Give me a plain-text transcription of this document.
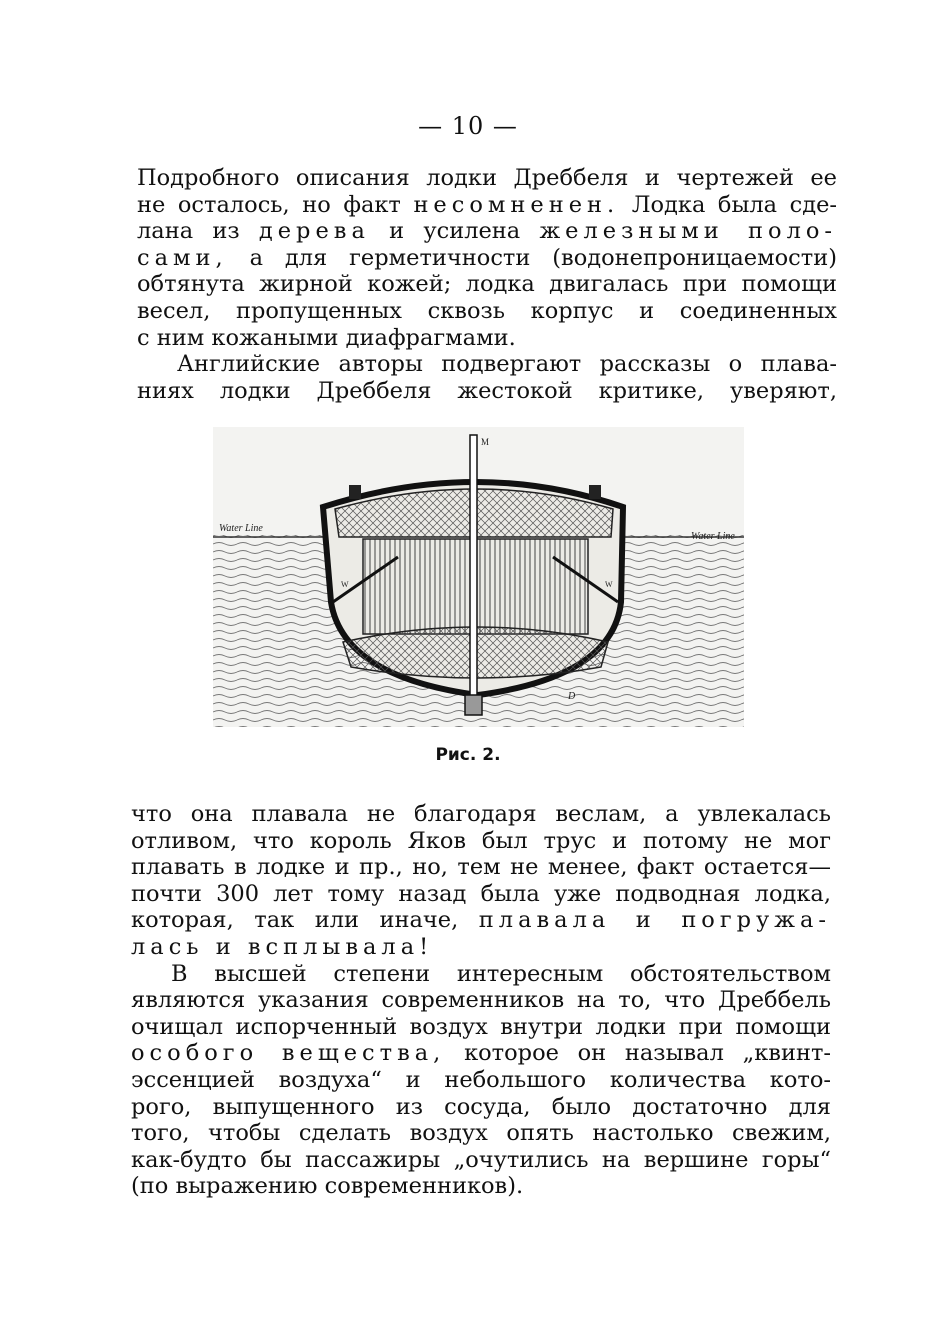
— 10 —
Подробного описания лодки Дреббеля и чертежей ее
не осталось, но факт несомненен. Лодка была сде-
лана из дерева и усилена железными поло-
сами, а для герметичности (водонепроницаемости)
обтянута жирной кожей; лодка двигалась при помощи
весел, пропущенных сквозь корпус и соединенных
с ним кожаными диафрагмами.
Английские авторы подвергают рассказы о плава-
ниях лодки Дреббеля жестокой критике, уверяют,
Water Line
Water Line
M
D
W	W
Рис. 2.
что она плавала не благодаря веслам, а увлекалась
отливом, что король Яков был трус и потому не мог
плавать в лодке и пр., но, тем не менее, факт остается—
почти 300 лет тому назад была уже подводная лодка,
которая, так или иначе, плавала и погружа-
лась и всплывала!
В высшей степени интересным обстоятельством
являются указания современников на то, что Дреббель
очищал испорченный воздух внутри лодки при помощи
особого вещества, которое он называл „квинт-
эссенцией воздуха“ и небольшого количества кото-
рого, выпущенного из сосуда, было достаточно для
того, чтобы сделать воздух опять настолько свежим,
как-будто бы пассажиры „очутились на вершине горы“
(по выражению современников).
